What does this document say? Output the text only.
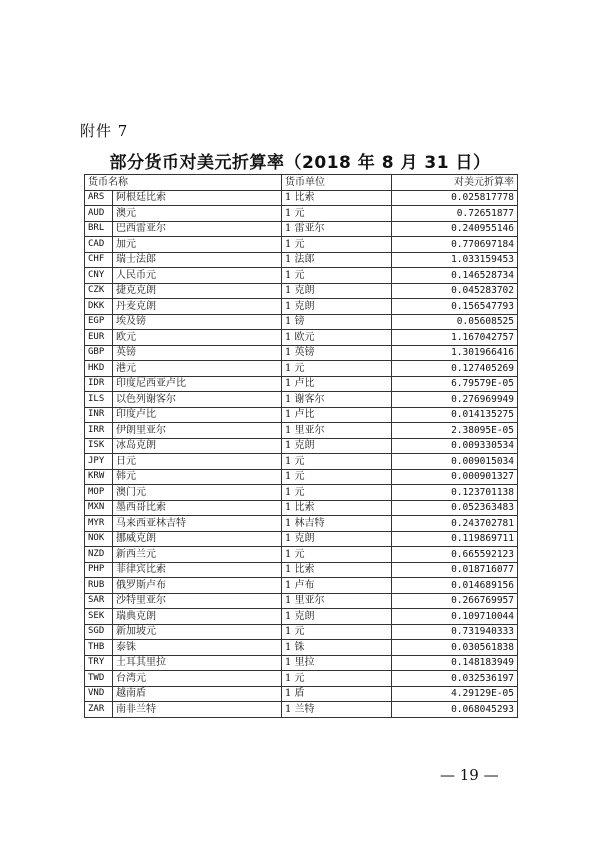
附件 7
部分货币对美元折算率（2018 年 8 月 31 日）
货币名称		货币单位	对美元折算率
ARS	阿根廷比索	1 比索	0.025817778
AUD	澳元	1 元	0.72651877
BRL	巴西雷亚尔	1 雷亚尔	0.240955146
CAD	加元	1 元	0.770697184
CHF	瑞士法郎	1 法郎	1.033159453
CNY	人民币元	1 元	0.146528734
CZK	捷克克朗	1 克朗	0.045283702
DKK	丹麦克朗	1 克朗	0.156547793
EGP	埃及镑	1 镑	0.05608525
EUR	欧元	1 欧元	1.167042757
GBP	英镑	1 英镑	1.301966416
HKD	港元	1 元	0.127405269
IDR	印度尼西亚卢比	1 卢比	6.79579E-05
ILS	以色列谢客尔	1 谢客尔	0.276969949
INR	印度卢比	1 卢比	0.014135275
IRR	伊朗里亚尔	1 里亚尔	2.38095E-05
ISK	冰岛克朗	1 克朗	0.009330534
JPY	日元	1 元	0.009015034
KRW	韩元	1 元	0.000901327
MOP	澳门元	1 元	0.123701138
MXN	墨西哥比索	1 比索	0.052363483
MYR	马来西亚林吉特	1 林吉特	0.243702781
NOK	挪威克朗	1 克朗	0.119869711
NZD	新西兰元	1 元	0.665592123
PHP	菲律宾比索	1 比索	0.018716077
RUB	俄罗斯卢布	1 卢布	0.014689156
SAR	沙特里亚尔	1 里亚尔	0.266769957
SEK	瑞典克朗	1 克朗	0.109710044
SGD	新加坡元	1 元	0.731940333
THB	泰铢	1 铢	0.030561838
TRY	土耳其里拉	1 里拉	0.148183949
TWD	台湾元	1 元	0.032536197
VND	越南盾	1 盾	4.29129E-05
ZAR	南非兰特	1 兰特	0.068045293
— 19 —
